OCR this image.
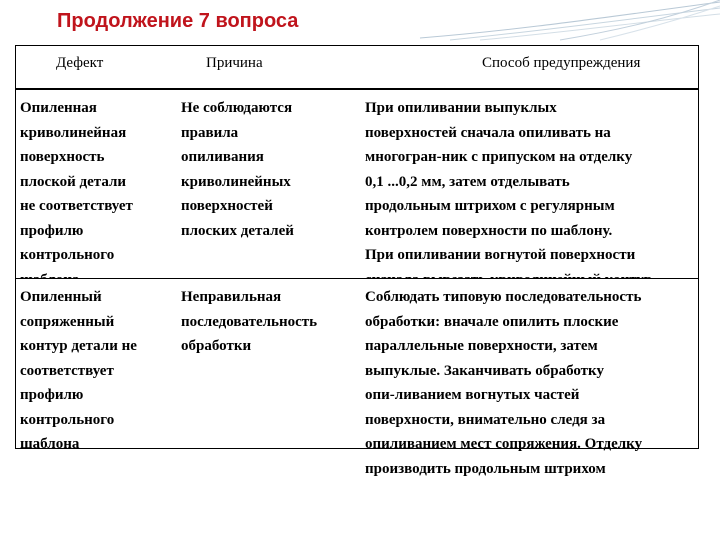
Продолжение 7 вопроса
Дефект	Причина	Способ предупреждения
Опиленная
криволинейная
поверхность
плоской детали
не соответствует
профилю
контрольного

Не соблюдаются
правила
опиливания
криволинейных
поверхностей
плоских деталей
При опиливании выпуклых
поверхностей сначала опиливать на
многогран-ник с припуском на отделку
0,1 ...0,2 мм, затем отделывать
продольным штрихом с регулярным
контролем поверхности по шаблону.
При опиливании вогнутой поверхности

Опиленный
сопряженный
контур детали не
соответствует
профилю
контрольного
шаблона
Неправильная
последовательность
обработки
Соблюдать типовую последовательность
обработки: вначале опилить плоские
параллельные поверхности, затем
выпуклые. Заканчивать обработку
опи-ливанием вогнутых частей
поверхности, внимательно следя за
опиливанием мест сопряжения. Отделку
производить продольным штрихом
